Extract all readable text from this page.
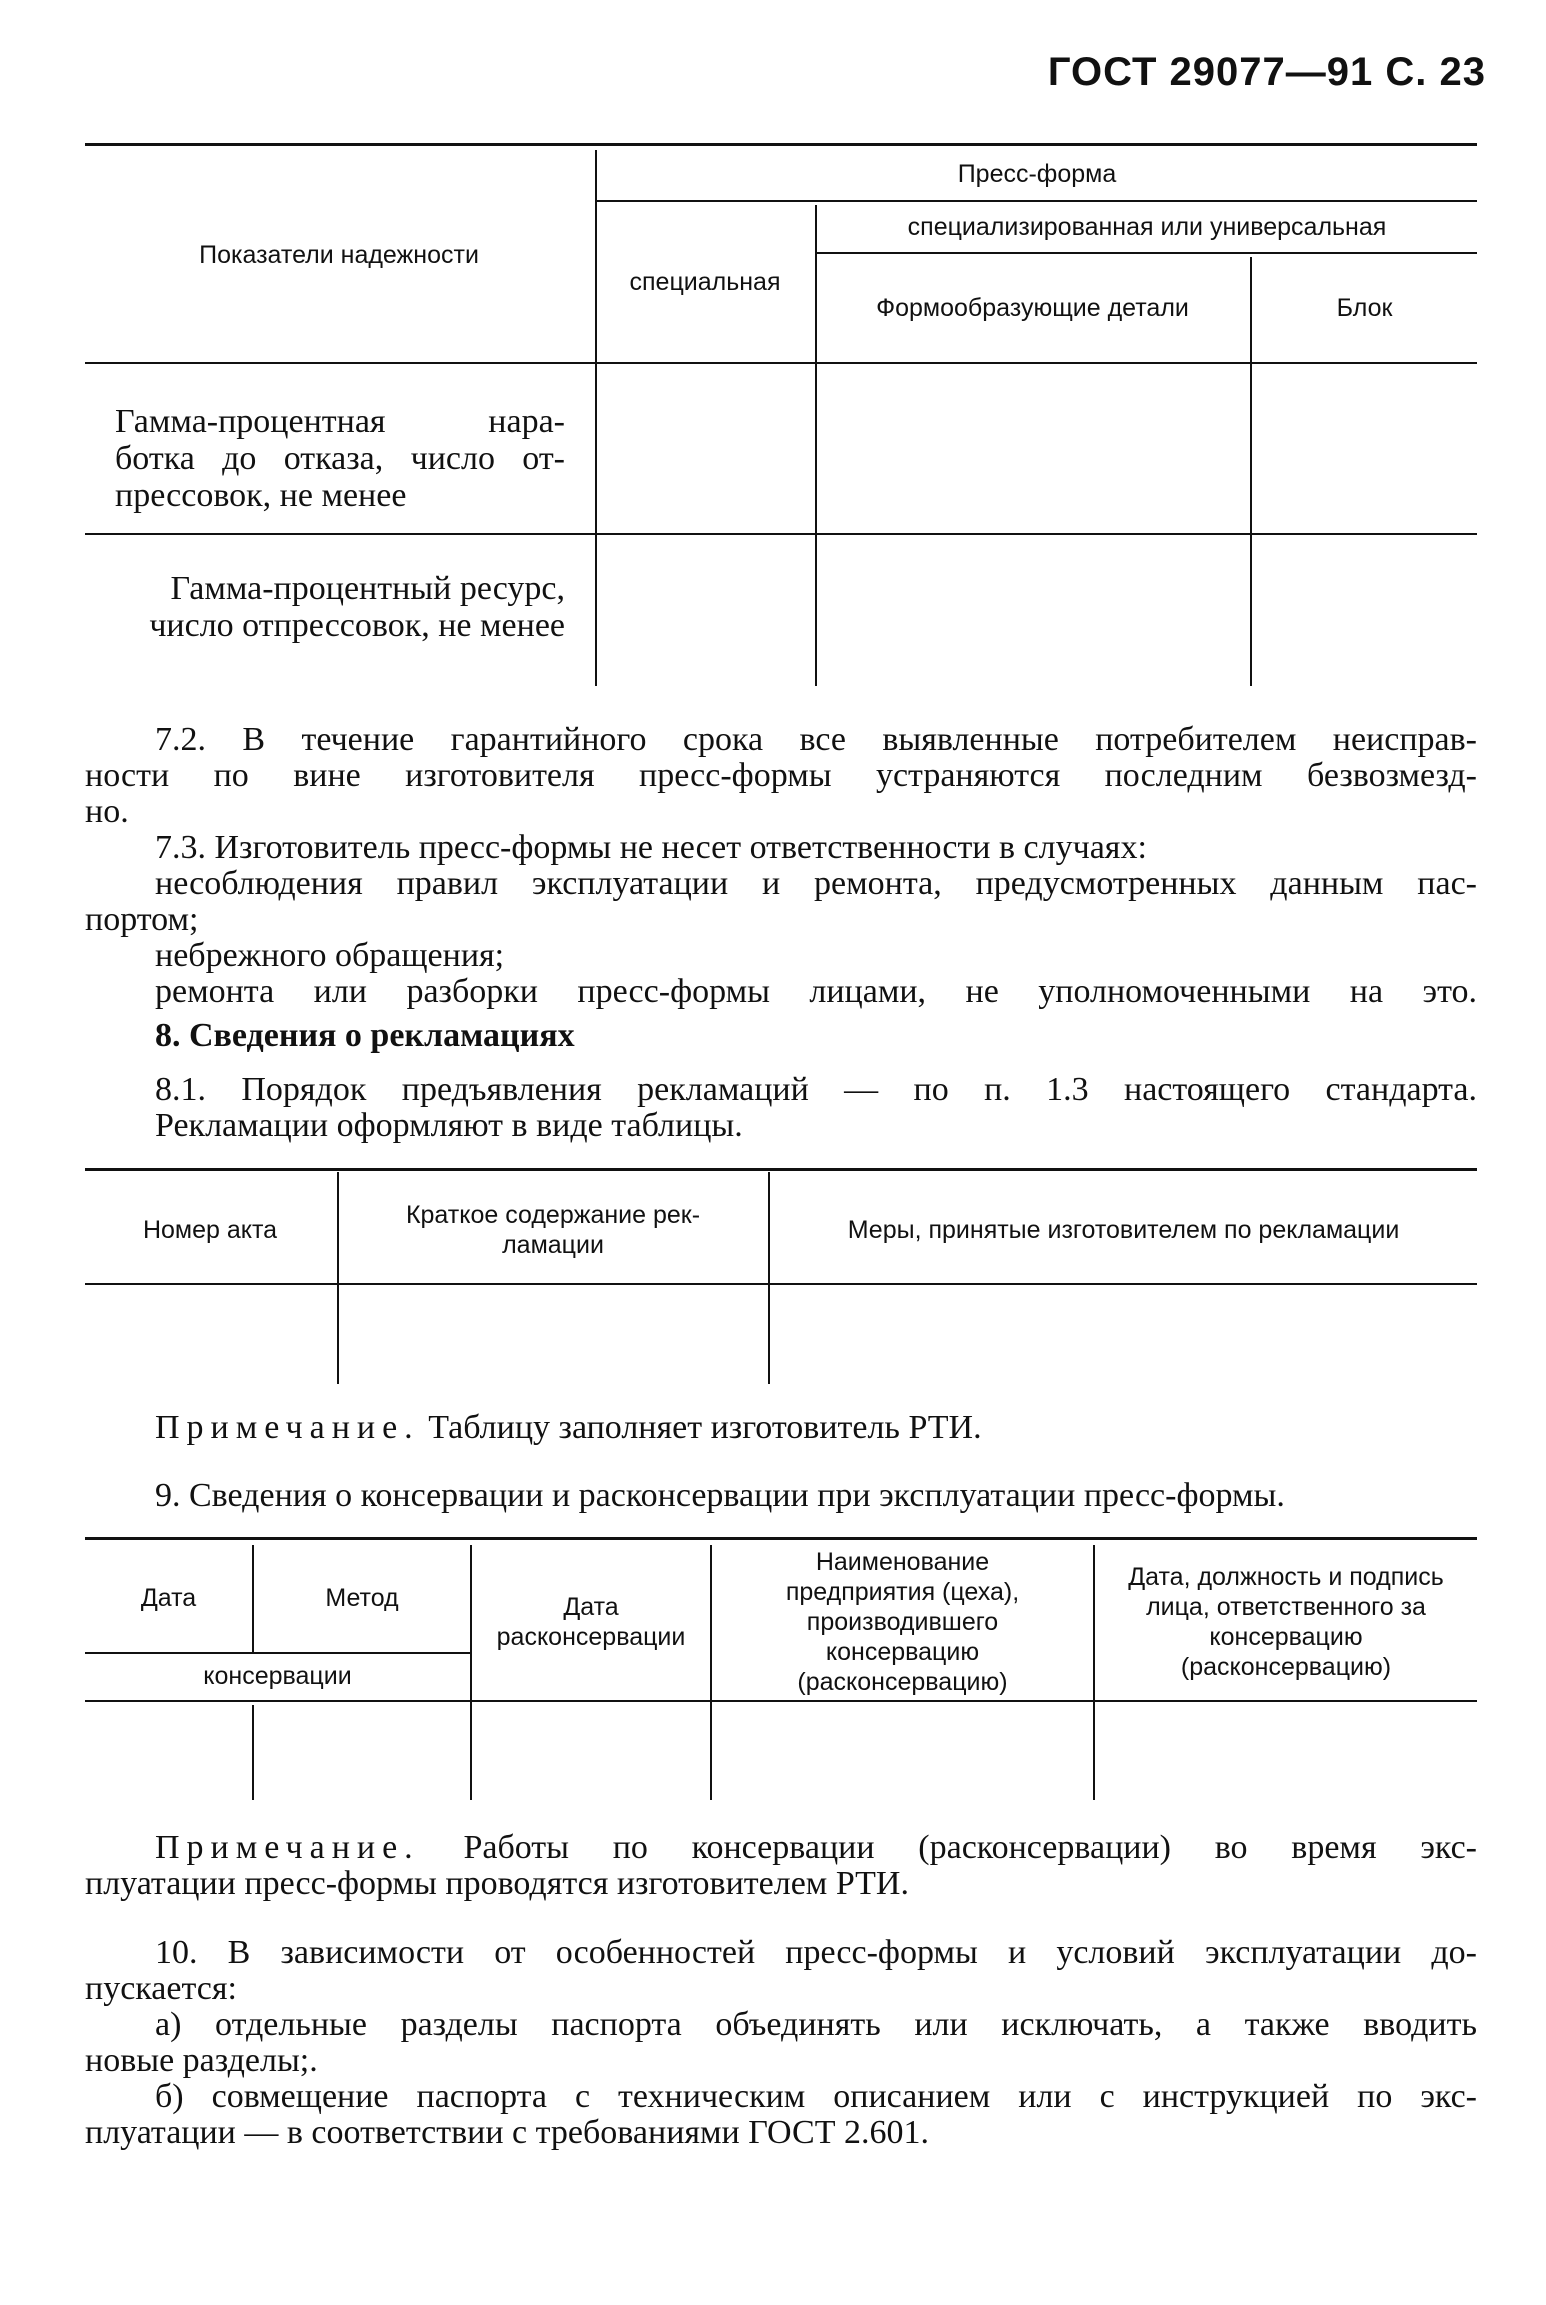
ГОСТ 29077—91 С. 23
Показатели надежности
Пресс-форма
специальная
специализированная или универсальная
Формообразующие детали	Блок
Гамма-процентная нара-
ботка до отказа, число от-
прессовок, не менее
Гамма-процентный ресурс,
число отпрессовок, не менее
7.2. В течение гарантийного срока все выявленные потребителем неисправ-
ности по вине изготовителя пресс-формы устраняются последним безвозмезд-
но.
7.3. Изготовитель пресс-формы не несет ответственности в случаях:
несоблюдения правил эксплуатации и ремонта, предусмотренных данным пас-
портом;
небрежного обращения;
ремонта или разборки пресс-формы лицами, не уполномоченными на это.
8. Сведения о рекламациях
8.1. Порядок предъявления рекламаций — по п. 1.3 настоящего стандарта.
Рекламации оформляют в виде таблицы.
Номер акта
Краткое содержание рек- ламации
Меры, принятые изготовителем по рекламации
Примечание. Таблицу заполняет изготовитель РТИ.
9. Сведения о консервации и расконсервации при эксплуатации пресс-формы.
Дата	Метод
консервации
Дата расконсервации
Наименование предприятия (цеха), производившего консервацию (расконсервацию)
Дата, должность и подпись лица, ответственного за консервацию (расконсервацию)
Примечание. Работы по консервации (расконсервации) во время экс-
плуатации пресс-формы проводятся изготовителем РТИ.
10. В зависимости от особенностей пресс-формы и условий эксплуатации до-
пускается:
а) отдельные разделы паспорта объединять или исключать, а также вводить
новые разделы;.
б) совмещение паспорта с техническим описанием или с инструкцией по экс-
плуатации — в соответствии с требованиями ГОСТ 2.601.
